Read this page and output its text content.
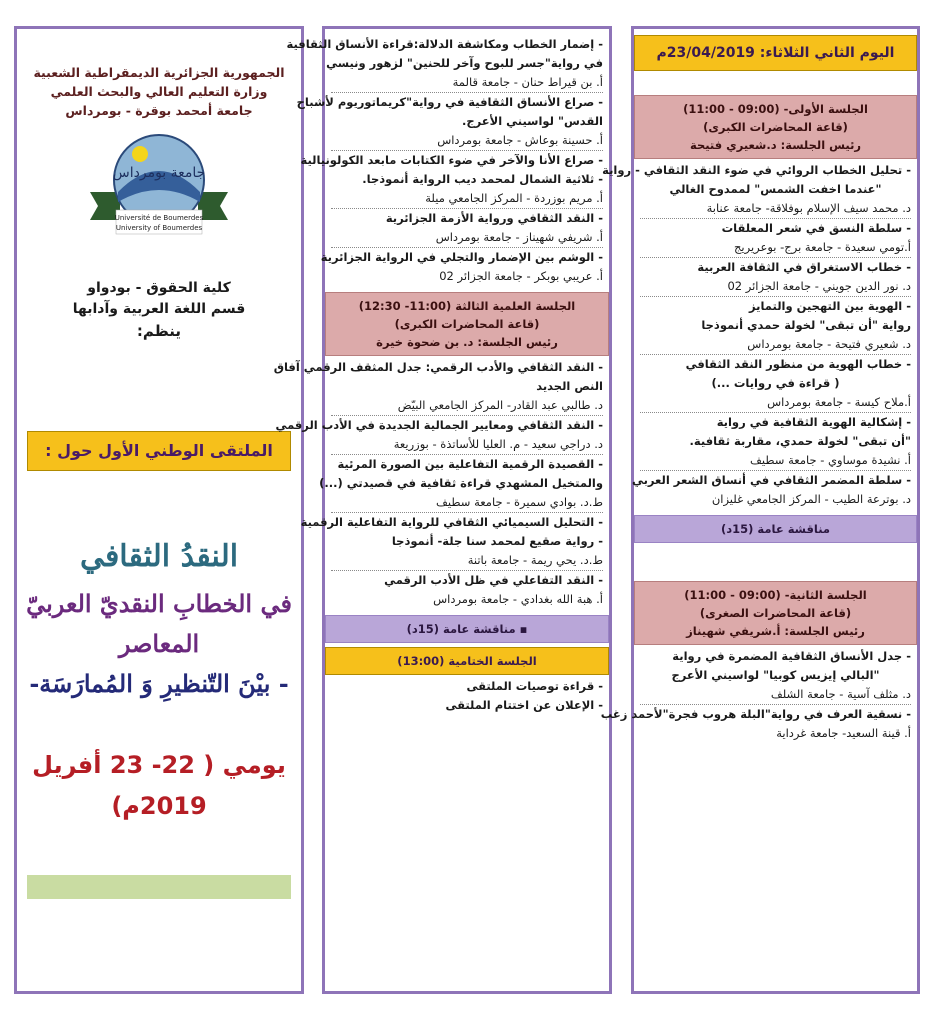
الجمهورية الجزائرية الديمقراطية الشعبية
وزارة التعليم العالي والبحث العلمي
جامعة أمحمد بوقرة - بومرداس
جامعة بومرداس
Université de Boumerdes
University of Boumerdes
كلية الحقوق - بودواو
قسم اللغة العربية وآدابها
ينظم:
الملتقى الوطني الأول حول :
النقدُ الثقافي
في الخطابِ النقديّ العربيّ
المعاصر
- بيْنَ التّنظيرِ وَ المُمارَسَة-
يومي ( 22- 23 أفريل
2019م)
- إضمار الخطاب ومكاشفة الدلالة:قراءة الأنساق الثقافية
في رواية"جسر للبوح وآخر للحنين" لزهور ونيسي
أ. بن قيراط حنان - جامعة قالمة
- صراع الأنساق الثقافية في رواية"كريماتوريوم لأشباح
القدس" لواسيني الأعرج.
أ. حسينة بوعاش - جامعة بومرداس
- صراع الأنا والآخر في ضوء الكتابات مابعد الكولونيالية
- ثلاثية الشمال لمحمد ديب الرواية أنموذجا.
أ. مريم بوزردة - المركز الجامعي ميلة
- النقد الثقافي ورواية الأزمة الجزائرية
أ. شريفي شهيناز - جامعة بومرداس
- الوشم بين الإضمار والتجلي في الرواية الجزائرية
أ. عريبي بوبكر - جامعة الجزائر 02
الجلسة العلمية الثالثة (11:00- 12:30)
(قاعة المحاضرات الكبرى)
رئيس الجلسة: د. بن ضحوة خيرة
- النقد الثقافي والأدب الرقمي: جدل المثقف الرقمي آفاق
النص الجديد
د. طالبي عبد القادر- المركز الجامعي البيّض
- النقد الثقافي ومعايير الجمالية الجديدة في الأدب الرقمي
د. دراجي سعيد - م. العليا للأساتذة - بوزريعة
- القصيدة الرقمية التفاعلية بين الصورة المرئية
والمتخيل المشهدي قراءة ثقافية في قصيدتي (...)
ط.د. بوادي سميرة - جامعة سطيف
- التحليل السيميائي الثقافي للرواية التفاعلية الرقمية
- رواية صقيع لمحمد سنا جلة- أنموذجا
ط.د. يحي ريمة - جامعة باتنة
- النقد التفاعلي في ظل الأدب الرقمي
أ. هبة الله بغدادي - جامعة بومرداس
▪ مناقشة عامة (15د)
الجلسة الختامية (13:00)
- قراءة توصيات الملتقى
- الإعلان عن اختتام الملتقى
اليوم الثاني الثلاثاء: 23/04/2019م
الجلسة الأولى- (09:00 - 11:00)
(قاعة المحاضرات الكبرى)
رئيس الجلسة: د.شعيري فتيحة
- تحليل الخطاب الروائي في ضوء النقد الثقافي - رواية
"عندما اخفت الشمس" لممدوح الغالي
د. محمد سيف الإسلام بوفلاقة- جامعة عنابة
- سلطة النسق في شعر المعلقات
أ.تومي سعيدة - جامعة برج- بوعريريج
- خطاب الاستغراق في الثقافة العربية
د. نور الدين جويني - جامعة الجزائر 02
- الهوية بين التهجين والتمايز
رواية "أن تبقى" لخولة حمدي أنموذجا
د. شعيري فتيحة - جامعة بومرداس
- خطاب الهوية من منظور النقد الثقافي
( قراءة في روايات ...)
أ.ملاح كيسة - جامعة بومرداس
- إشكالية الهوية الثقافية في رواية
"أن تبقى" لخولة حمدي، مقاربة ثقافية.
أ. نشيدة موساوي - جامعة سطيف
- سلطة المضمر الثقافي في أنساق الشعر العربي
د. بوترعة الطيب - المركز الجامعي غليزان
مناقشة عامة (15د)
الجلسة الثانية- (09:00 - 11:00)
(قاعة المحاضرات الصغرى)
رئيس الجلسة: أ.شريفي شهيناز
- جدل الأنساق الثقافية المضمرة في رواية
"البالي إيزيس كوبيا" لواسيني الأعرج
د. مثلف آسية - جامعة الشلف
- نسقية العرف في رواية"البلة هروب فجرة"لأحمد زغب
أ. قينة السعيد- جامعة غرداية
